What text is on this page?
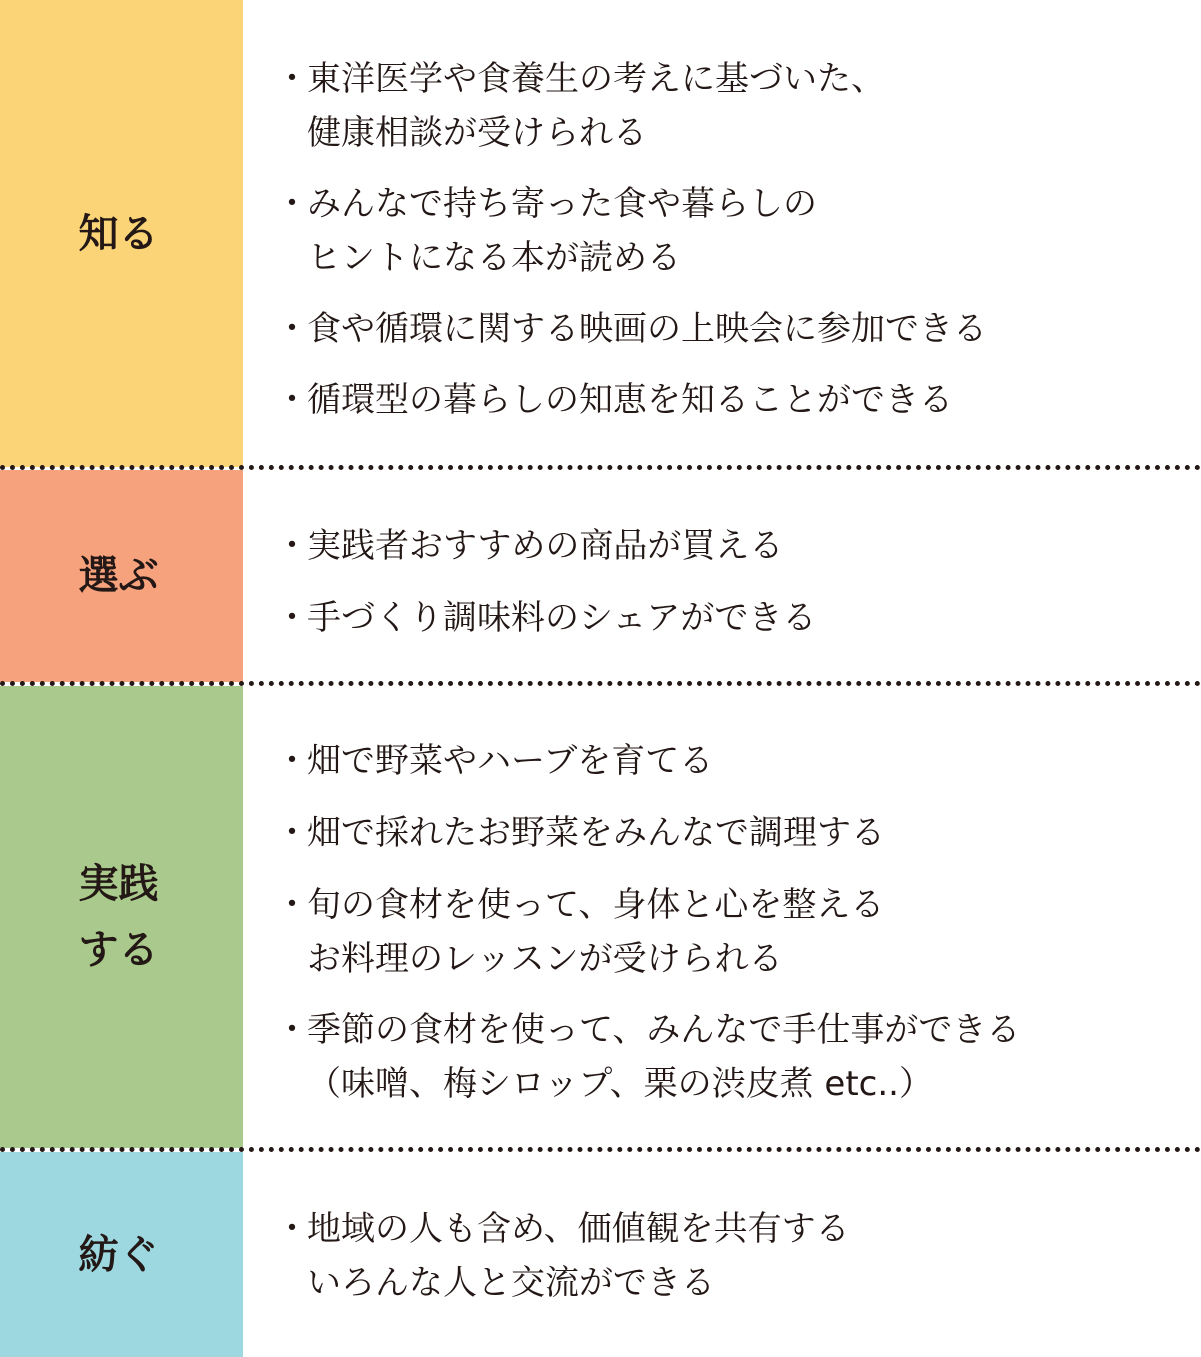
知る
・
東洋医学や食養生の考えに基づいた、
健康相談が受けられる
・
みんなで持ち寄った食や暮らしの
ヒントになる本が読める
・
食や循環に関する映画の上映会に参加できる
・
循環型の暮らしの知恵を知ることができる
選ぶ
・
実践者おすすめの商品が買える
・
手づくり調味料のシェアができる
実践
する
・
畑で野菜やハーブを育てる
・
畑で採れたお野菜をみんなで調理する
・
旬の食材を使って、身体と心を整える
お料理のレッスンが受けられる
・
季節の食材を使って、みんなで手仕事ができる
（味噌、梅シロップ、栗の渋皮煮 etc..）
紡ぐ
・
地域の人も含め、価値観を共有する
いろんな人と交流ができる
